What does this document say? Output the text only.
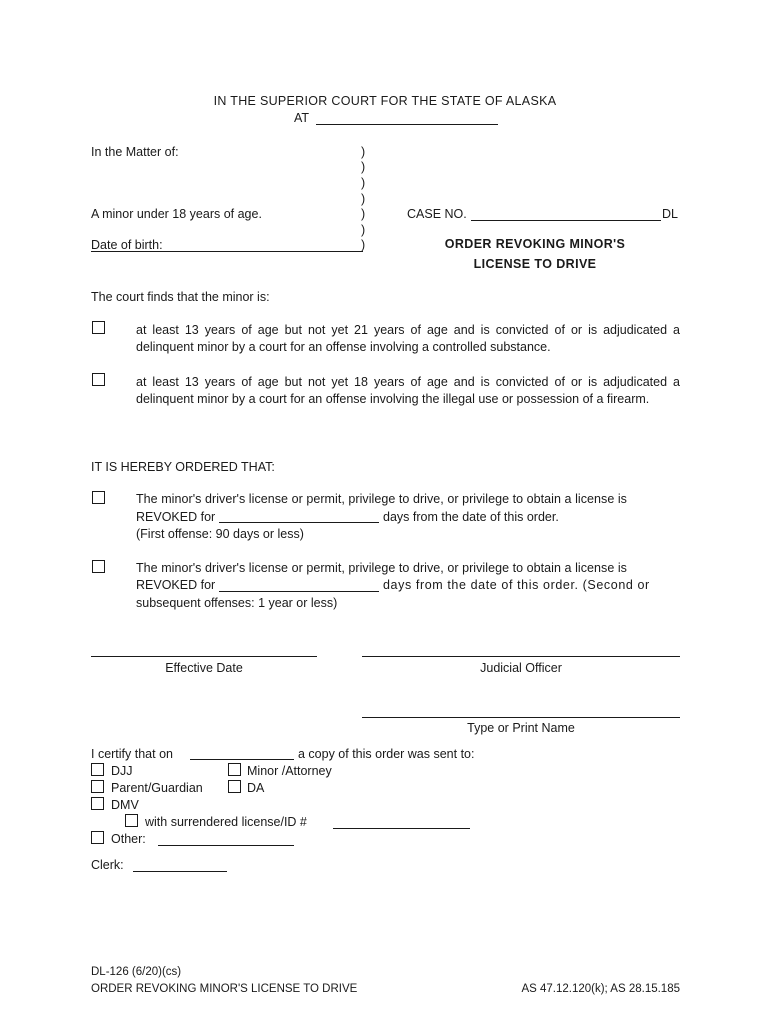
IN THE SUPERIOR COURT FOR THE STATE OF ALASKA
AT
In the Matter of:
A minor under 18 years of age.
Date of birth:
)
)
)
)
)
)
)
CASE NO.	DL
ORDER REVOKING MINOR'S
LICENSE TO DRIVE
The court finds that the minor is:
at least 13 years of age but not yet 21 years of age and is convicted of or is adjudicated a delinquent minor by a court for an offense involving a controlled substance.
at least 13 years of age but not yet 18 years of age and is convicted of or is adjudicated a delinquent minor by a court for an offense involving the illegal use or possession of a firearm.
IT IS HEREBY ORDERED THAT:
The minor's driver's license or permit, privilege to drive, or privilege to obtain a license is
REVOKED for	days from the date of this order.
(First offense: 90 days or less)
The minor's driver's license or permit, privilege to drive, or privilege to obtain a license is
REVOKED for	days from the date of this order. (Second or
subsequent offenses: 1 year or less)
Effective Date	Judicial Officer
Type or Print Name
I certify that on	a copy of this order was sent to:
DJJ	Minor /Attorney
Parent/Guardian	DA
DMV
with surrendered license/ID #
Other:
Clerk:
DL-126 (6/20)(cs)
ORDER REVOKING MINOR'S LICENSE TO DRIVE	AS 47.12.120(k); AS 28.15.185
